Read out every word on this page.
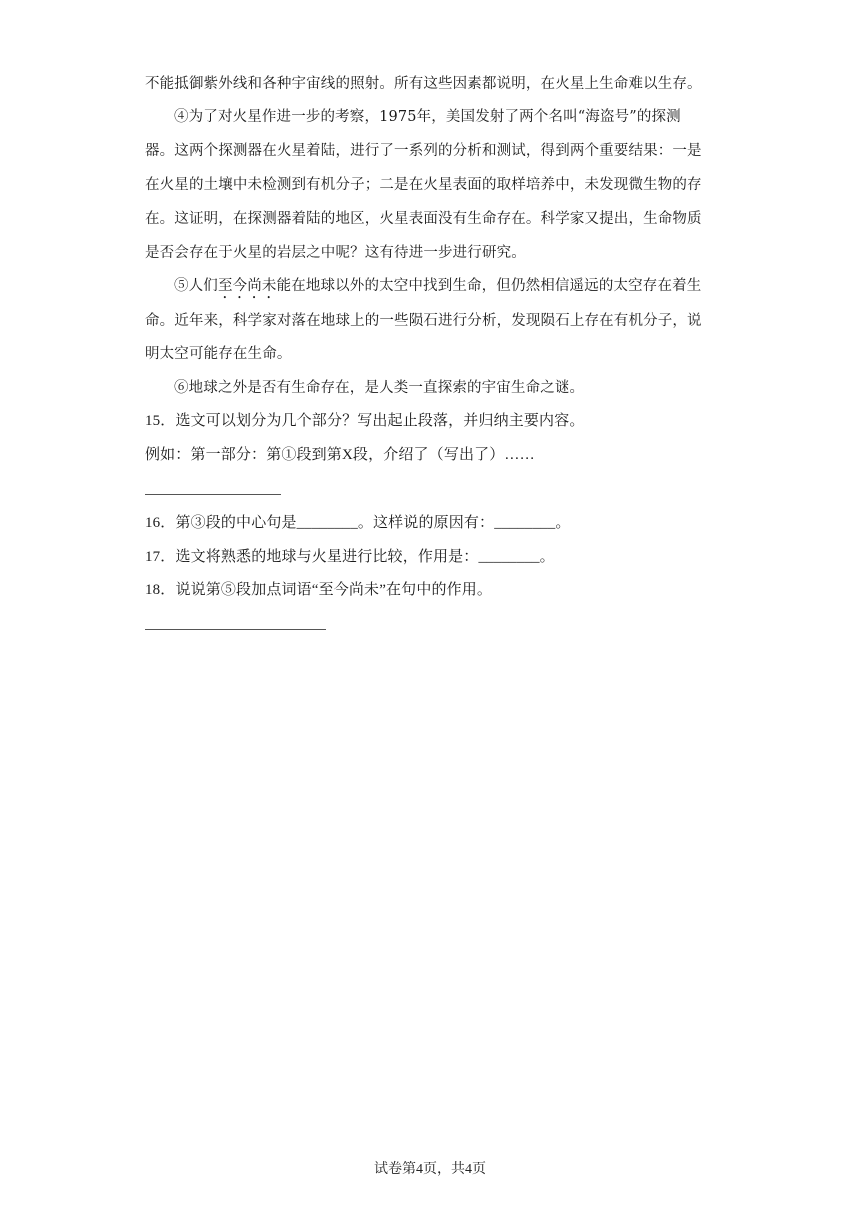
不能抵御紫外线和各种宇宙线的照射。所有这些因素都说明，在火星上生命难以生存。
④为了对火星作进一步的考察，1975年，美国发射了两个名叫“海盗号”的探测
器。这两个探测器在火星着陆，进行了一系列的分析和测试，得到两个重要结果：一是
在火星的土壤中未检测到有机分子；二是在火星表面的取样培养中，未发现微生物的存
在。这证明，在探测器着陆的地区，火星表面没有生命存在。科学家又提出，生命物质
是否会存在于火星的岩层之中呢？这有待进一步进行研究。
⑤人们至今尚未能在地球以外的太空中找到生命，但仍然相信遥远的太空存在着生
命。近年来，科学家对落在地球上的一些陨石进行分析，发现陨石上存在有机分子，说
明太空可能存在生命。
⑥地球之外是否有生命存在，是人类一直探索的宇宙生命之谜。
15．选文可以划分为几个部分？写出起止段落，并归纳主要内容。
例如：第一部分：第①段到第X段，介绍了（写出了）……
16．第③段的中心句是________。这样说的原因有：________。
17．选文将熟悉的地球与火星进行比较，作用是：________。
18．说说第⑤段加点词语“至今尚未”在句中的作用。
试卷第4页，共4页
